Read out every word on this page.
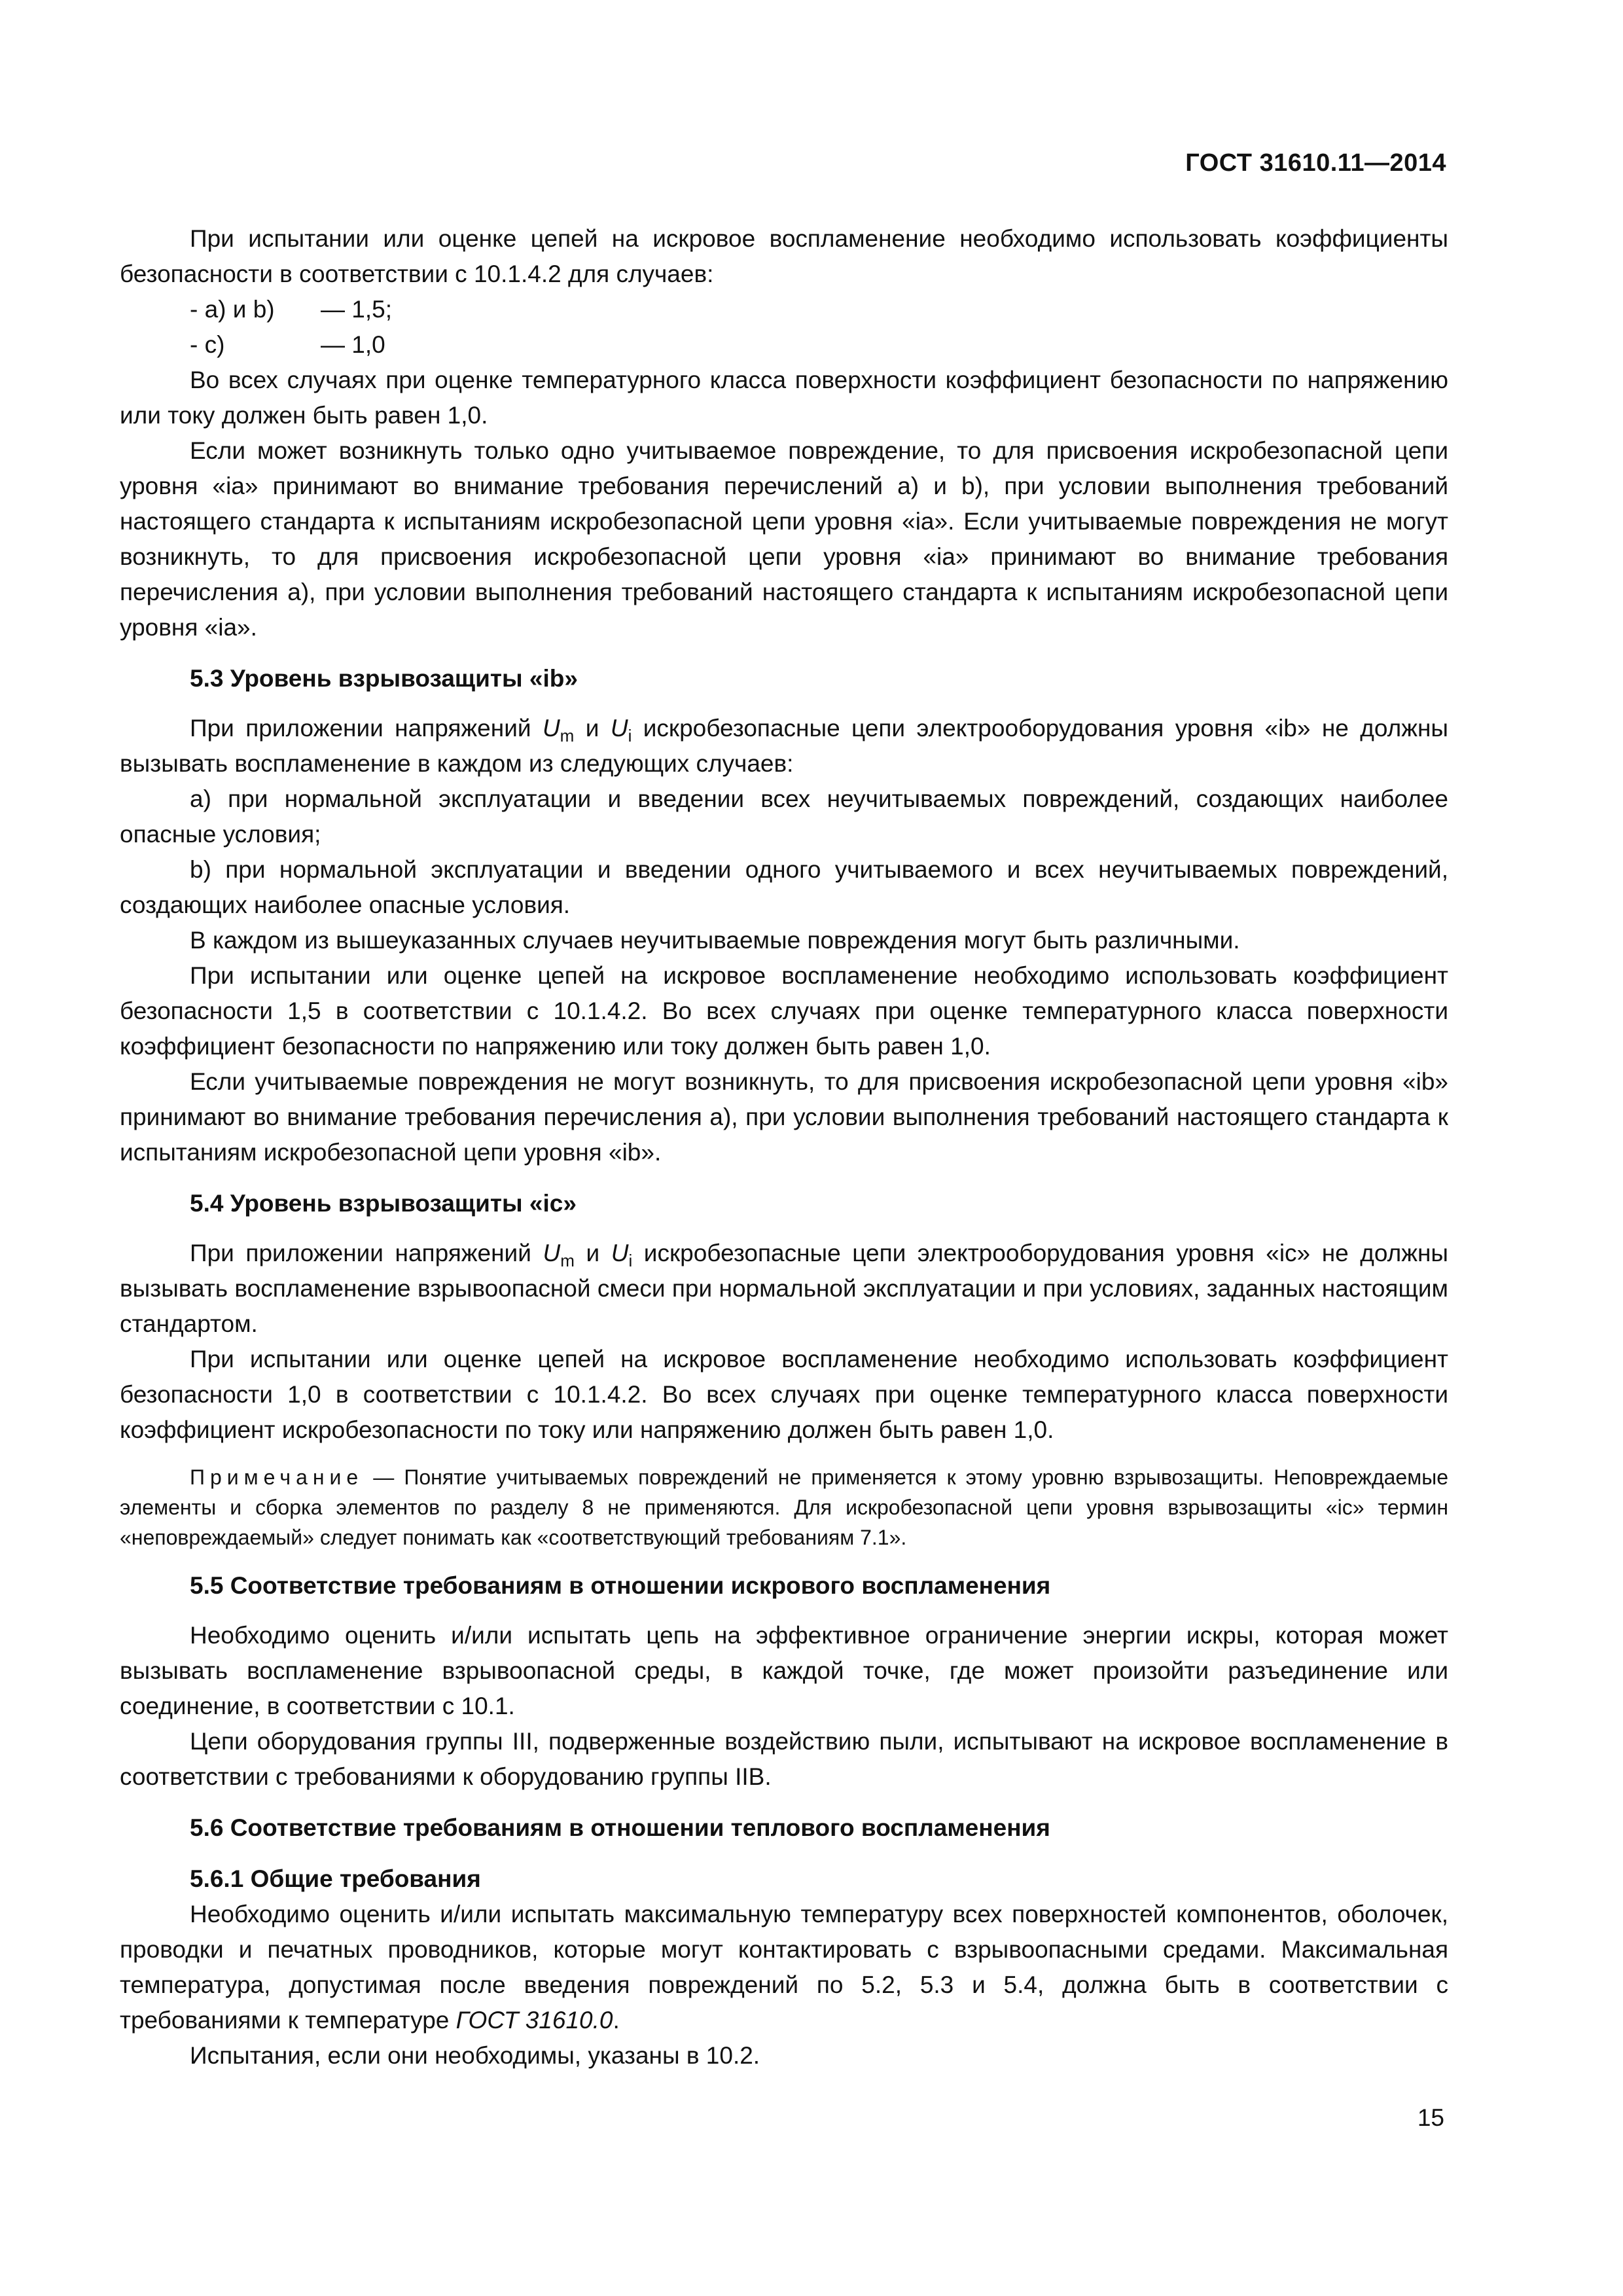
ГОСТ 31610.11—2014

При испытании или оценке цепей на искровое воспламенение необходимо использовать коэффициенты безопасности в соответствии с 10.1.4.2 для случаев:

- a) и b) — 1,5;

- c)	— 1,0

Во всех случаях при оценке температурного класса поверхности коэффициент безопасности по напряжению или току должен быть равен 1,0.

Если может возникнуть только одно учитываемое повреждение, то для присвоения искробезопасной цепи уровня «ia» принимают во внимание требования перечислений a) и b), при условии выполнения требований настоящего стандарта к испытаниям искробезопасной цепи уровня «ia». Если учитываемые повреждения не могут возникнуть, то для присвоения искробезопасной цепи уровня «ia» принимают во внимание требования перечисления a), при условии выполнения требований настоящего стандарта к испытаниям искробезопасной цепи уровня «ia».

5.3 Уровень взрывозащиты «ib»

При приложении напряжений $U_m$ и $U_i$ искробезопасные цепи электрооборудования уровня «ib» не должны вызывать воспламенение в каждом из следующих случаев:

a) при нормальной эксплуатации и введении всех неучитываемых повреждений, создающих наиболее опасные условия;

b) при нормальной эксплуатации и введении одного учитываемого и всех неучитываемых повреждений, создающих наиболее опасные условия.

В каждом из вышеуказанных случаев неучитываемые повреждения могут быть различными.

При испытании или оценке цепей на искровое воспламенение необходимо использовать коэффициент безопасности 1,5 в соответствии с 10.1.4.2. Во всех случаях при оценке температурного класса поверхности коэффициент безопасности по напряжению или току должен быть равен 1,0.

Если учитываемые повреждения не могут возникнуть, то для присвоения искробезопасной цепи уровня «ib» принимают во внимание требования перечисления a), при условии выполнения требований настоящего стандарта к испытаниям искробезопасной цепи уровня «ib».

5.4 Уровень взрывозащиты «ic»

При приложении напряжений $U_m$ и $U_i$ искробезопасные цепи электрооборудования уровня «ic» не должны вызывать воспламенение взрывоопасной смеси при нормальной эксплуатации и при условиях, заданных настоящим стандартом.

При испытании или оценке цепей на искровое воспламенение необходимо использовать коэффициент безопасности 1,0 в соответствии с 10.1.4.2. Во всех случаях при оценке температурного класса поверхности коэффициент искробезопасности по току или напряжению должен быть равен 1,0.

Примечание — Понятие учитываемых повреждений не применяется к этому уровню взрывозащиты. Неповреждаемые элементы и сборка элементов по разделу 8 не применяются. Для искробезопасной цепи уровня взрывозащиты «ic» термин «неповреждаемый» следует понимать как «соответствующий требованиям 7.1».

5.5 Соответствие требованиям в отношении искрового воспламенения

Необходимо оценить и/или испытать цепь на эффективное ограничение энергии искры, которая может вызывать воспламенение взрывоопасной среды, в каждой точке, где может произойти разъединение или соединение, в соответствии с 10.1.

Цепи оборудования группы III, подверженные воздействию пыли, испытывают на искровое воспламенение в соответствии с требованиями к оборудованию группы IIB.

5.6 Соответствие требованиям в отношении теплового воспламенения
5.6.1 Общие требования

Необходимо оценить и/или испытать максимальную температуру всех поверхностей компонентов, оболочек, проводки и печатных проводников, которые могут контактировать с взрывоопасными средами. Максимальная температура, допустимая после введения повреждений по 5.2, 5.3 и 5.4, должна быть в соответствии с требованиями к температуре ГОСТ 31610.0.

Испытания, если они необходимы, указаны в 10.2.

15
